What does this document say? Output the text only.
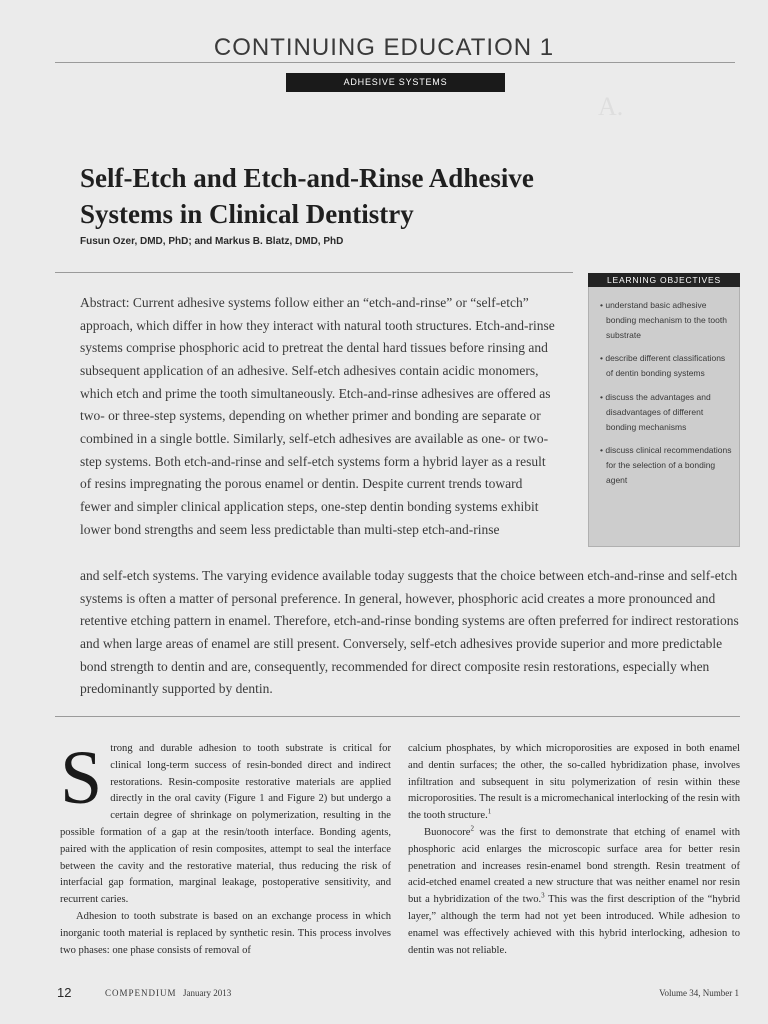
A.
CONTINUING EDUCATION 1
ADHESIVE SYSTEMS
Self-Etch and Etch-and-Rinse Adhesive
Systems in Clinical Dentistry
Fusun Ozer, DMD, PhD; and Markus B. Blatz, DMD, PhD
LEARNING OBJECTIVES
• understand basic adhesive bonding mechanism to the tooth substrate
• describe different classifications of dentin bonding systems
• discuss the advantages and disadvantages of different bonding mechanisms
• discuss clinical recommendations for the selection of a bonding agent

Abstract: Current adhesive systems follow either an “etch-and-rinse” or “self-etch” approach, which differ in how they interact with natural tooth structures. Etch-and-rinse systems comprise phosphoric acid to pretreat the dental hard tissues before rinsing and subsequent application of an adhesive. Self-etch adhesives contain acidic monomers, which etch and prime the tooth simultaneously. Etch-and-rinse adhesives are offered as two- or three-step systems, depending on whether primer and bonding are separate or combined in a single bottle. Similarly, self-etch adhesives are available as one- or two-step systems. Both etch-and-rinse and self-etch systems form a hybrid layer as a result of resins impregnating the porous enamel or dentin. Despite current trends toward fewer and simpler clinical application steps, one-step dentin bonding systems exhibit lower bond strengths and seem less predictable than multi-step etch-and-rinse

and self-etch systems. The varying evidence available today suggests that the choice between etch-and-rinse and self-etch systems is often a matter of personal preference. In general, however, phosphoric acid creates a more pronounced and retentive etching pattern in enamel. Therefore, etch-and-rinse bonding systems are often preferred for indirect restorations and when large areas of enamel are still present. Conversely, self-etch adhesives provide superior and more predictable bond strength to dentin and are, consequently, recommended for direct composite resin restorations, especially when predominantly supported by dentin.

Strong and durable adhesion to tooth substrate is critical for clinical long-term success of resin-bonded direct and indirect restorations. Resin-composite restorative materials are applied directly in the oral cavity (Figure 1 and Figure 2) but undergo a certain degree of shrinkage on polymerization, resulting in the possible formation of a gap at the resin/tooth interface. Bonding agents, paired with the application of resin composites, attempt to seal the interface between the cavity and the restorative material, thus reducing the risk of interfacial gap formation, marginal leakage, postoperative sensitivity, and recurrent caries.

Adhesion to tooth substrate is based on an exchange process in which inorganic tooth material is replaced by synthetic resin. This process involves two phases: one phase consists of removal of

calcium phosphates, by which microporosities are exposed in both enamel and dentin surfaces; the other, the so-called hybridization phase, involves infiltration and subsequent in situ polymerization of resin within these microporosities. The result is a micromechanical interlocking of the resin with the tooth structure.$^1$

Buonocore$^2$ was the first to demonstrate that etching of enamel with phosphoric acid enlarges the microscopic surface area for better resin penetration and increases resin-enamel bond strength. Resin treatment of acid-etched enamel created a new structure that was neither enamel nor resin but a hybridization of the two.$^3$ This was the first description of the “hybrid layer,” although the term had not yet been introduced. While adhesion to enamel was effectively achieved with this hybrid interlocking, adhesion to dentin was not reliable.

12	COMPENDIUM January 2013	Volume 34, Number 1
